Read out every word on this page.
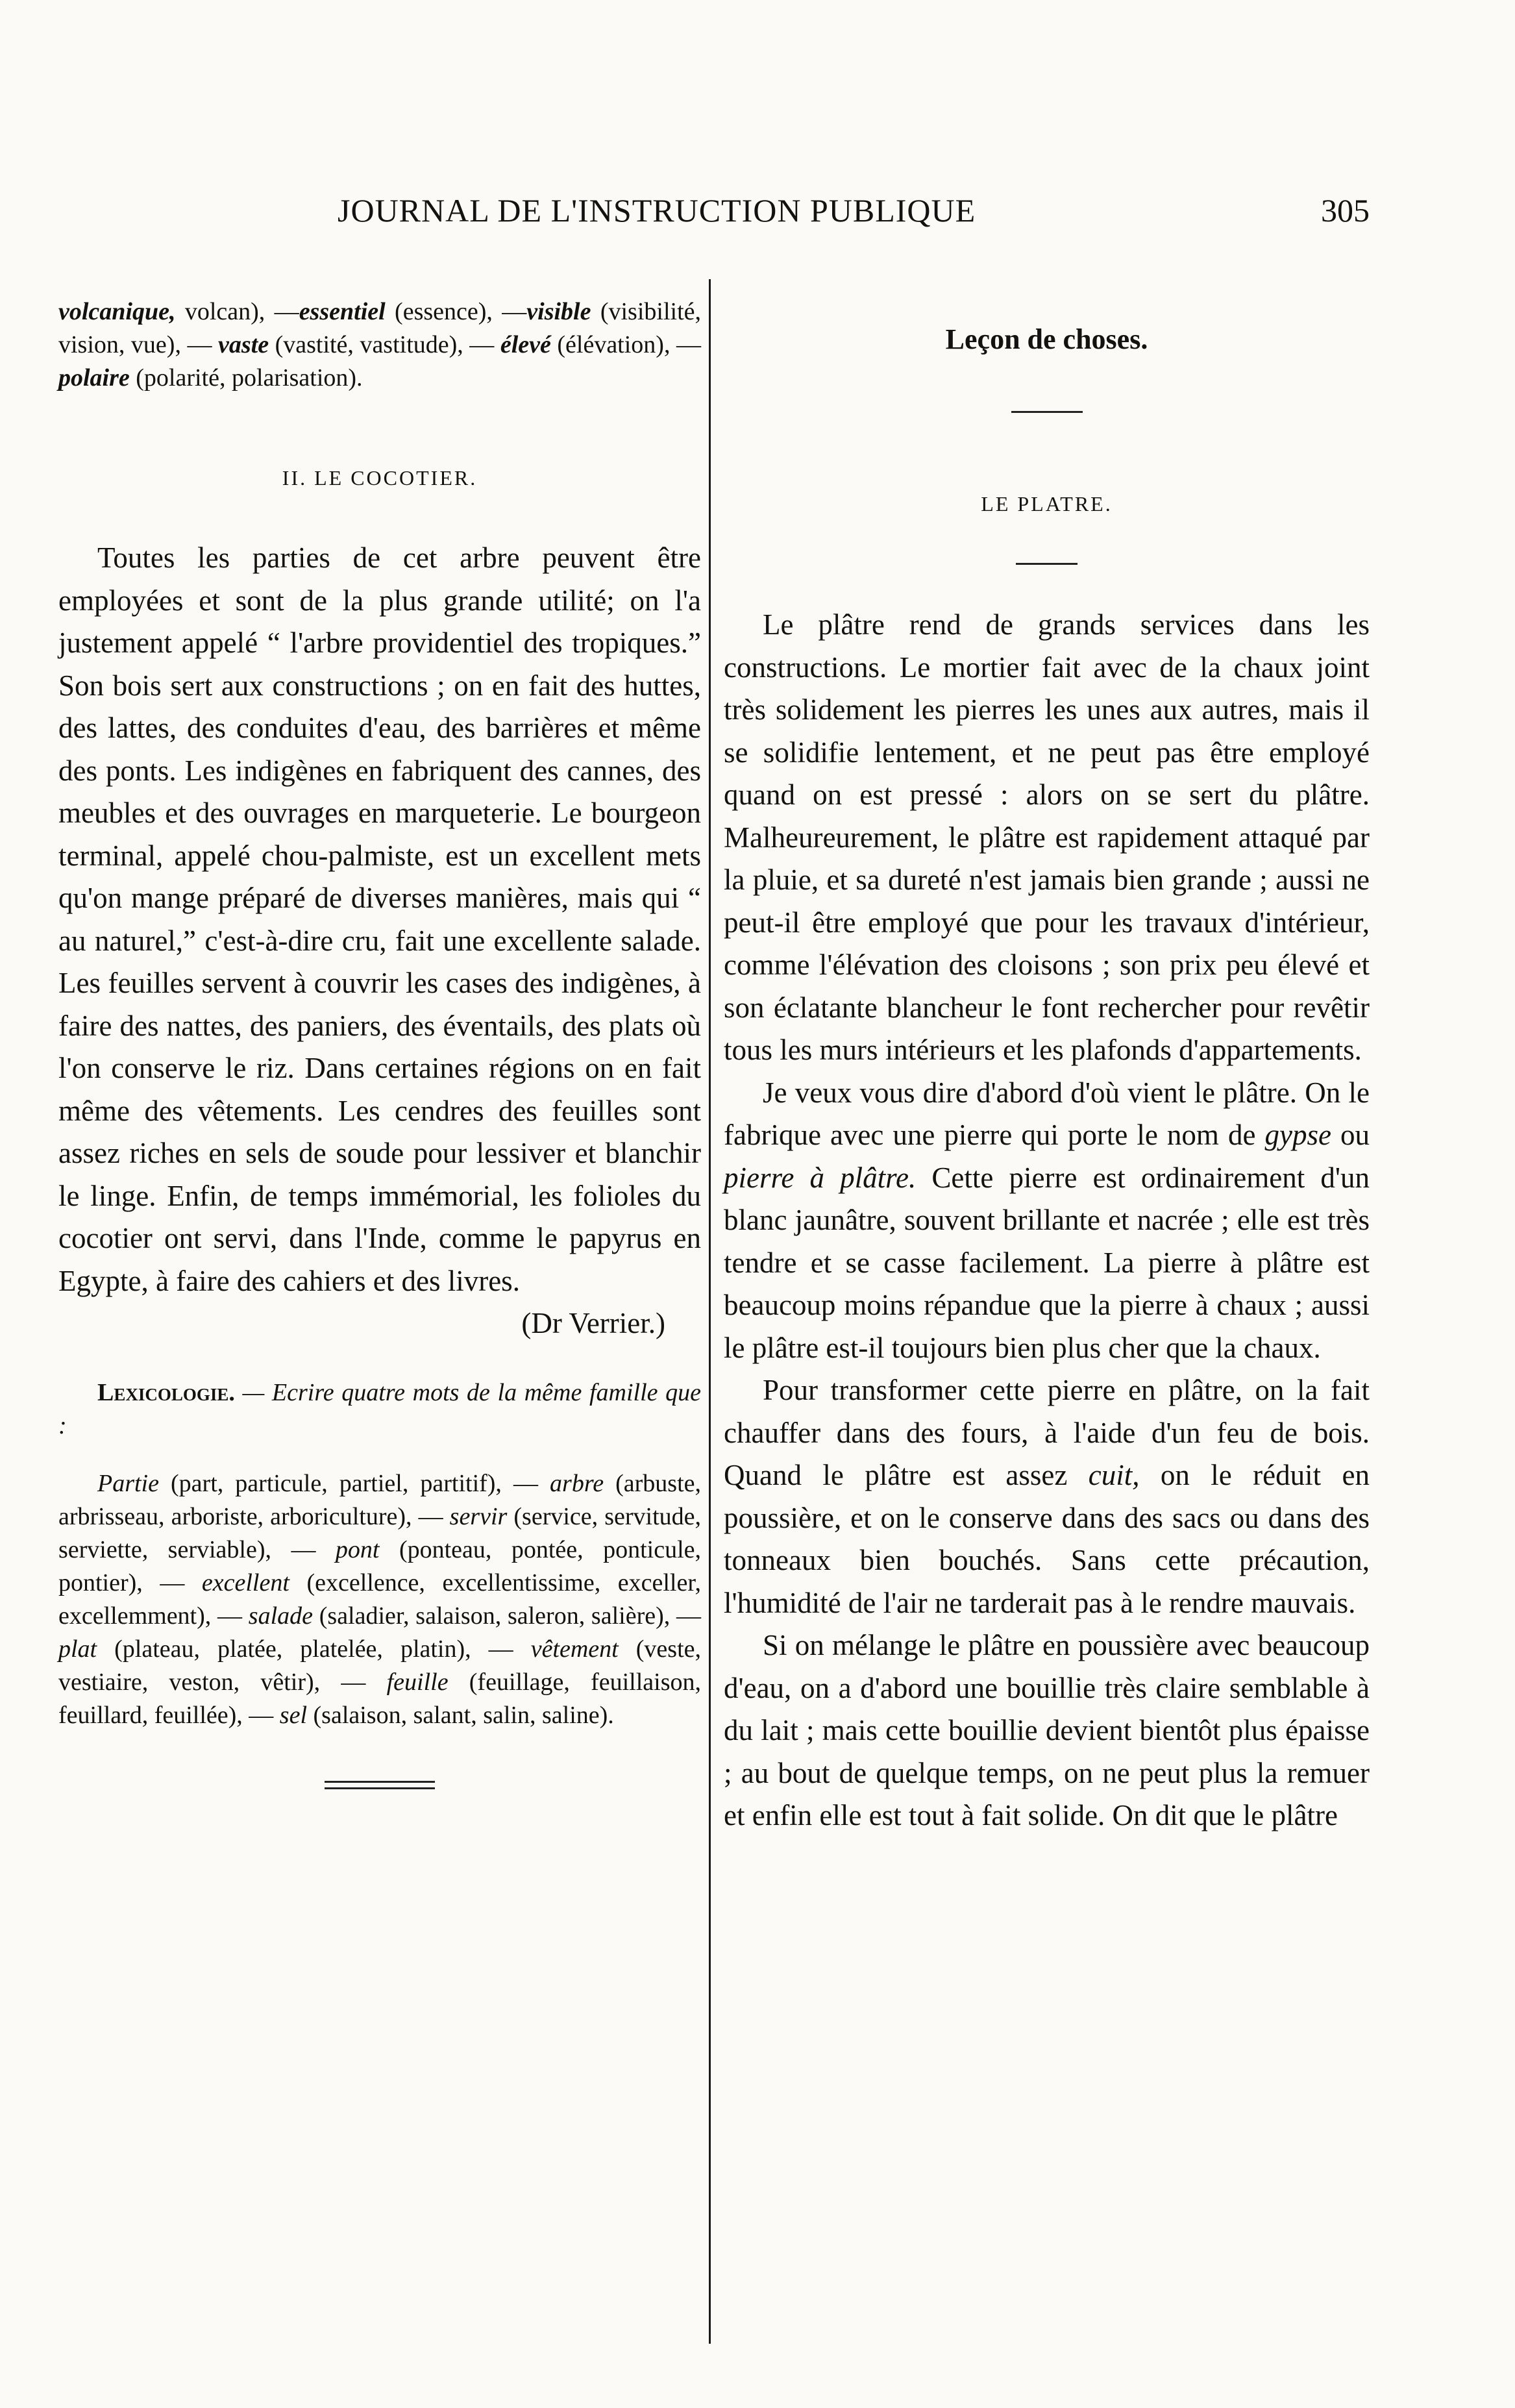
JOURNAL DE L'INSTRUCTION PUBLIQUE	305

volcanique, volcan), —essentiel (essence), —visible (visibilité, vision, vue), — vaste (vastité, vastitude), — élevé (élévation), — polaire (polarité, polarisation).

II. LE COCOTIER.

Toutes les parties de cet arbre peuvent être employées et sont de la plus grande utilité; on l'a justement appelé “ l'arbre providentiel des tropiques.” Son bois sert aux constructions ; on en fait des huttes, des lattes, des conduites d'eau, des barrières et même des ponts. Les indigènes en fabriquent des cannes, des meubles et des ouvrages en marqueterie. Le bourgeon terminal, appelé chou-palmiste, est un excellent mets qu'on mange préparé de diverses manières, mais qui “ au naturel,” c'est-à-dire cru, fait une excellente salade. Les feuilles servent à couvrir les cases des indigènes, à faire des nattes, des paniers, des éventails, des plats où l'on conserve le riz. Dans certaines régions on en fait même des vêtements. Les cendres des feuilles sont assez riches en sels de soude pour lessiver et blanchir le linge. Enfin, de temps immémorial, les folioles du cocotier ont servi, dans l'Inde, comme le papyrus en Egypte, à faire des cahiers et des livres.

(Dr Verrier.)

Lexicologie. — Ecrire quatre mots de la même famille que :

Partie (part, particule, partiel, partitif), — arbre (arbuste, arbrisseau, arboriste, arboriculture), — servir (service, servitude, serviette, serviable), — pont (ponteau, pontée, ponticule, pontier), — excellent (excellence, excellentissime, exceller, excellemment), — salade (saladier, salaison, saleron, salière), — plat (plateau, platée, platelée, platin), — vêtement (veste, vestiaire, veston, vêtir), — feuille (feuillage, feuillaison, feuillard, feuillée), — sel (salaison, salant, salin, saline).

Leçon de choses.

LE PLATRE.

Le plâtre rend de grands services dans les constructions. Le mortier fait avec de la chaux joint très solidement les pierres les unes aux autres, mais il se solidifie lentement, et ne peut pas être employé quand on est pressé : alors on se sert du plâtre. Malheureurement, le plâtre est rapidement attaqué par la pluie, et sa dureté n'est jamais bien grande ; aussi ne peut-il être employé que pour les travaux d'intérieur, comme l'élévation des cloisons ; son prix peu élevé et son éclatante blancheur le font rechercher pour revêtir tous les murs intérieurs et les plafonds d'appartements.

Je veux vous dire d'abord d'où vient le plâtre. On le fabrique avec une pierre qui porte le nom de gypse ou pierre à plâtre. Cette pierre est ordinairement d'un blanc jaunâtre, souvent brillante et nacrée ; elle est très tendre et se casse facilement. La pierre à plâtre est beaucoup moins répandue que la pierre à chaux ; aussi le plâtre est-il toujours bien plus cher que la chaux.

Pour transformer cette pierre en plâtre, on la fait chauffer dans des fours, à l'aide d'un feu de bois. Quand le plâtre est assez cuit, on le réduit en poussière, et on le conserve dans des sacs ou dans des tonneaux bien bouchés. Sans cette précaution, l'humidité de l'air ne tarderait pas à le rendre mauvais.

Si on mélange le plâtre en poussière avec beaucoup d'eau, on a d'abord une bouillie très claire semblable à du lait ; mais cette bouillie devient bientôt plus épaisse ; au bout de quelque temps, on ne peut plus la remuer et enfin elle est tout à fait solide. On dit que le plâtre
